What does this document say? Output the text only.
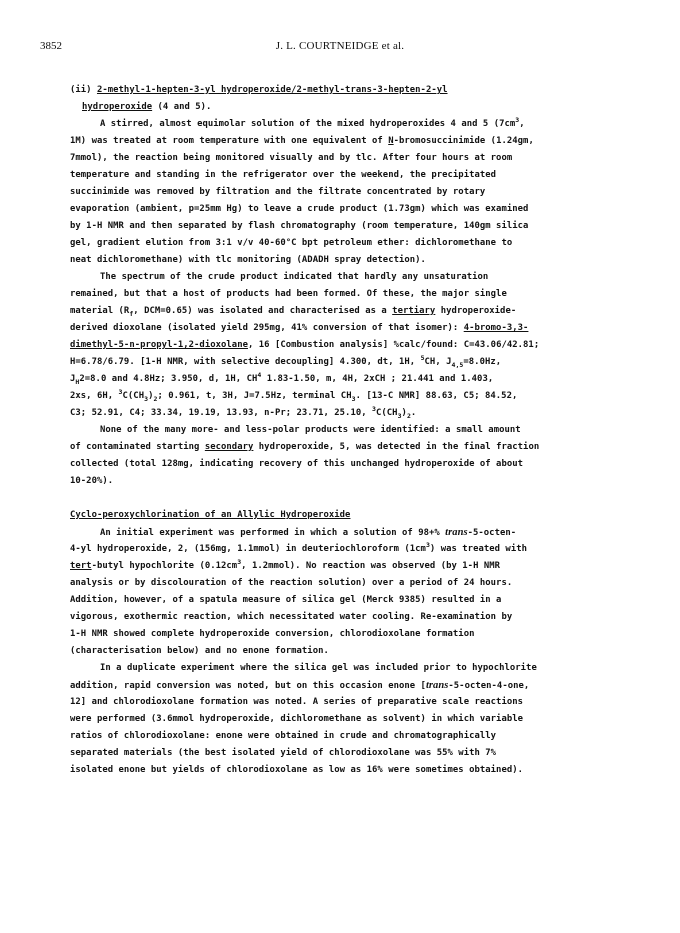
3852	J. L. COURTNEIDGE et al.
(ii) 2-methyl-1-hepten-3-yl hydroperoxide/2-methyl-trans-3-hepten-2-yl
hydroperoxide (4 and 5).
A stirred, almost equimolar solution of the mixed hydroperoxides 4 and 5 ($7cm^3$,
1M) was treated at room temperature with one equivalent of N-bromosuccinimide (1.24gm,
7mmol), the reaction being monitored visually and by tlc. After four hours at room
temperature and standing in the refrigerator over the weekend, the precipitated
succinimide was removed by filtration and the filtrate concentrated by rotary
evaporation (ambient, p=25mm Hg) to leave a crude product (1.73gm) which was examined
by 1-H NMR and then separated by flash chromatography (room temperature, 140gm silica
gel, gradient elution from 3:1 v/v 40-60°C bpt petroleum ether: dichloromethane to
neat dichloromethane) with tlc monitoring (ADADH spray detection).
The spectrum of the crude product indicated that hardly any unsaturation
remained, but that a host of products had been formed. Of these, the major single
material ($R_f$, DCM=0.65) was isolated and characterised as a tertiary hydroperoxide-
derived dioxolane (isolated yield 295mg, 41% conversion of that isomer): 4-bromo-3,3-
dimethyl-5-n-propyl-1,2-dioxolane, 16 [Combustion analysis] %calc/found: C=43.06/42.81;
H=6.78/6.79. [1-H NMR, with selective decoupling] 4.300, dt, 1H, $^5$CH, $J_{4,5}=8.0Hz$,
$J_H2=8.0$ and 4.8Hz; 3.950, d, 1H, $CH^4$ 1.83-1.50, m, 4H, 2xCH ; 21.441 and 1.403,
2xs, 6H, $^3C(CH_3)_2$; 0.961, t, 3H, J=7.5Hz, terminal $CH_3$. [13-C NMR] 88.63, C5; 84.52,
C3; 52.91, C4; 33.34, 19.19, 13.93, n-Pr; 23.71, 25.10, $^3C(CH_3)_2$.
None of the many more- and less-polar products were identified: a small amount
of contaminated starting secondary hydroperoxide, 5, was detected in the final fraction
collected (total 128mg, indicating recovery of this unchanged hydroperoxide of about
10-20%).
Cyclo-peroxychlorination of an Allylic Hydroperoxide
An initial experiment was performed in which a solution of 98+% trans-5-octen-
4-yl hydroperoxide, 2, (156mg, 1.1mmol) in deuteriochloroform $(1cm^3)$ was treated with
tert-butyl hypochlorite ($0.12cm^3$, 1.2mmol). No reaction was observed (by 1-H NMR
analysis or by discolouration of the reaction solution) over a period of 24 hours.
Addition, however, of a spatula measure of silica gel (Merck 9385) resulted in a
vigorous, exothermic reaction, which necessitated water cooling. Re-examination by
1-H NMR showed complete hydroperoxide conversion, chlorodioxolane formation
(characterisation below) and no enone formation.
In a duplicate experiment where the silica gel was included prior to hypochlorite
addition, rapid conversion was noted, but on this occasion enone [trans-5-octen-4-one,
12] and chlorodioxolane formation was noted. A series of preparative scale reactions
were performed (3.6mmol hydroperoxide, dichloromethane as solvent) in which variable
ratios of chlorodioxolane: enone were obtained in crude and chromatographically
separated materials (the best isolated yield of chlorodioxolane was 55% with 7%
isolated enone but yields of chlorodioxolane as low as 16% were sometimes obtained).
